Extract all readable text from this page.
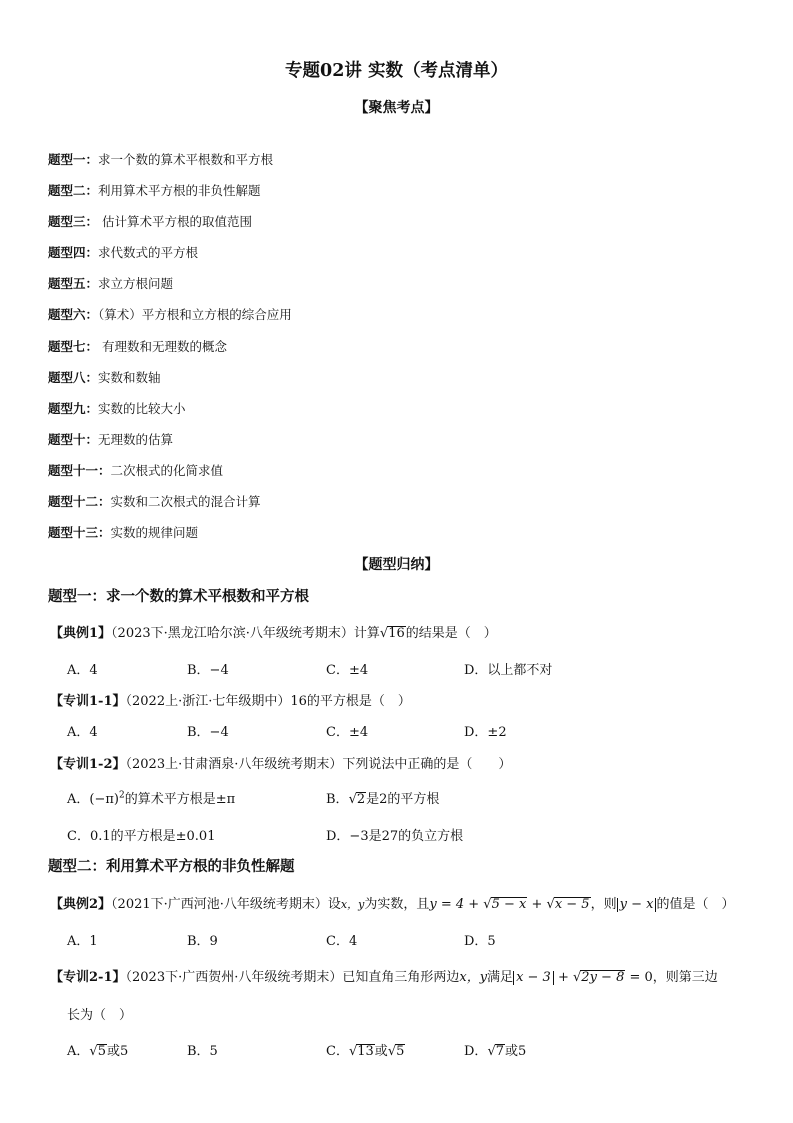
专题02讲 实数（考点清单）
【聚焦考点】
题型一：求一个数的算术平根数和平方根
题型二：利用算术平方根的非负性解题
题型三： 估计算术平方根的取值范围
题型四：求代数式的平方根
题型五：求立方根问题
题型六：（算术）平方根和立方根的综合应用
题型七： 有理数和无理数的概念
题型八：实数和数轴
题型九：实数的比较大小
题型十：无理数的估算
题型十一：二次根式的化简求值
题型十二：实数和二次根式的混合计算
题型十三：实数的规律问题
【题型归纳】
题型一：求一个数的算术平根数和平方根
【典例1】（2023下·黑龙江哈尔滨·八年级统考期末）计算√16的结果是（　）
A．4	B．−4	C．±4	D．以上都不对
【专训1-1】（2022上·浙江·七年级期中）16的平方根是（　）
A．4	B．−4	C．±4	D．±2
【专训1-2】（2023上·甘肃酒泉·八年级统考期末）下列说法中正确的是（　　）
A．$(-\pi)^2$的算术平方根是±π	B．√2是2的平方根
C．0.1的平方根是±0.01	D．−3是27的负立方根
题型二：利用算术平方根的非负性解题
【典例2】（2021下·广西河池·八年级统考期末）设x，y为实数，且y = 4 + √5 − x + √x − 5，则 y − x 的值是（　）
A．1	B．9	C．4	D．5
【专训2-1】（2023下·广西贺州·八年级统考期末）已知直角三角形两边x，y满足 x − 3 + √2y − 8 = 0，则第三边
长为（　）
A．√5或5	B．5	C．√13或√5	D．√7或5
